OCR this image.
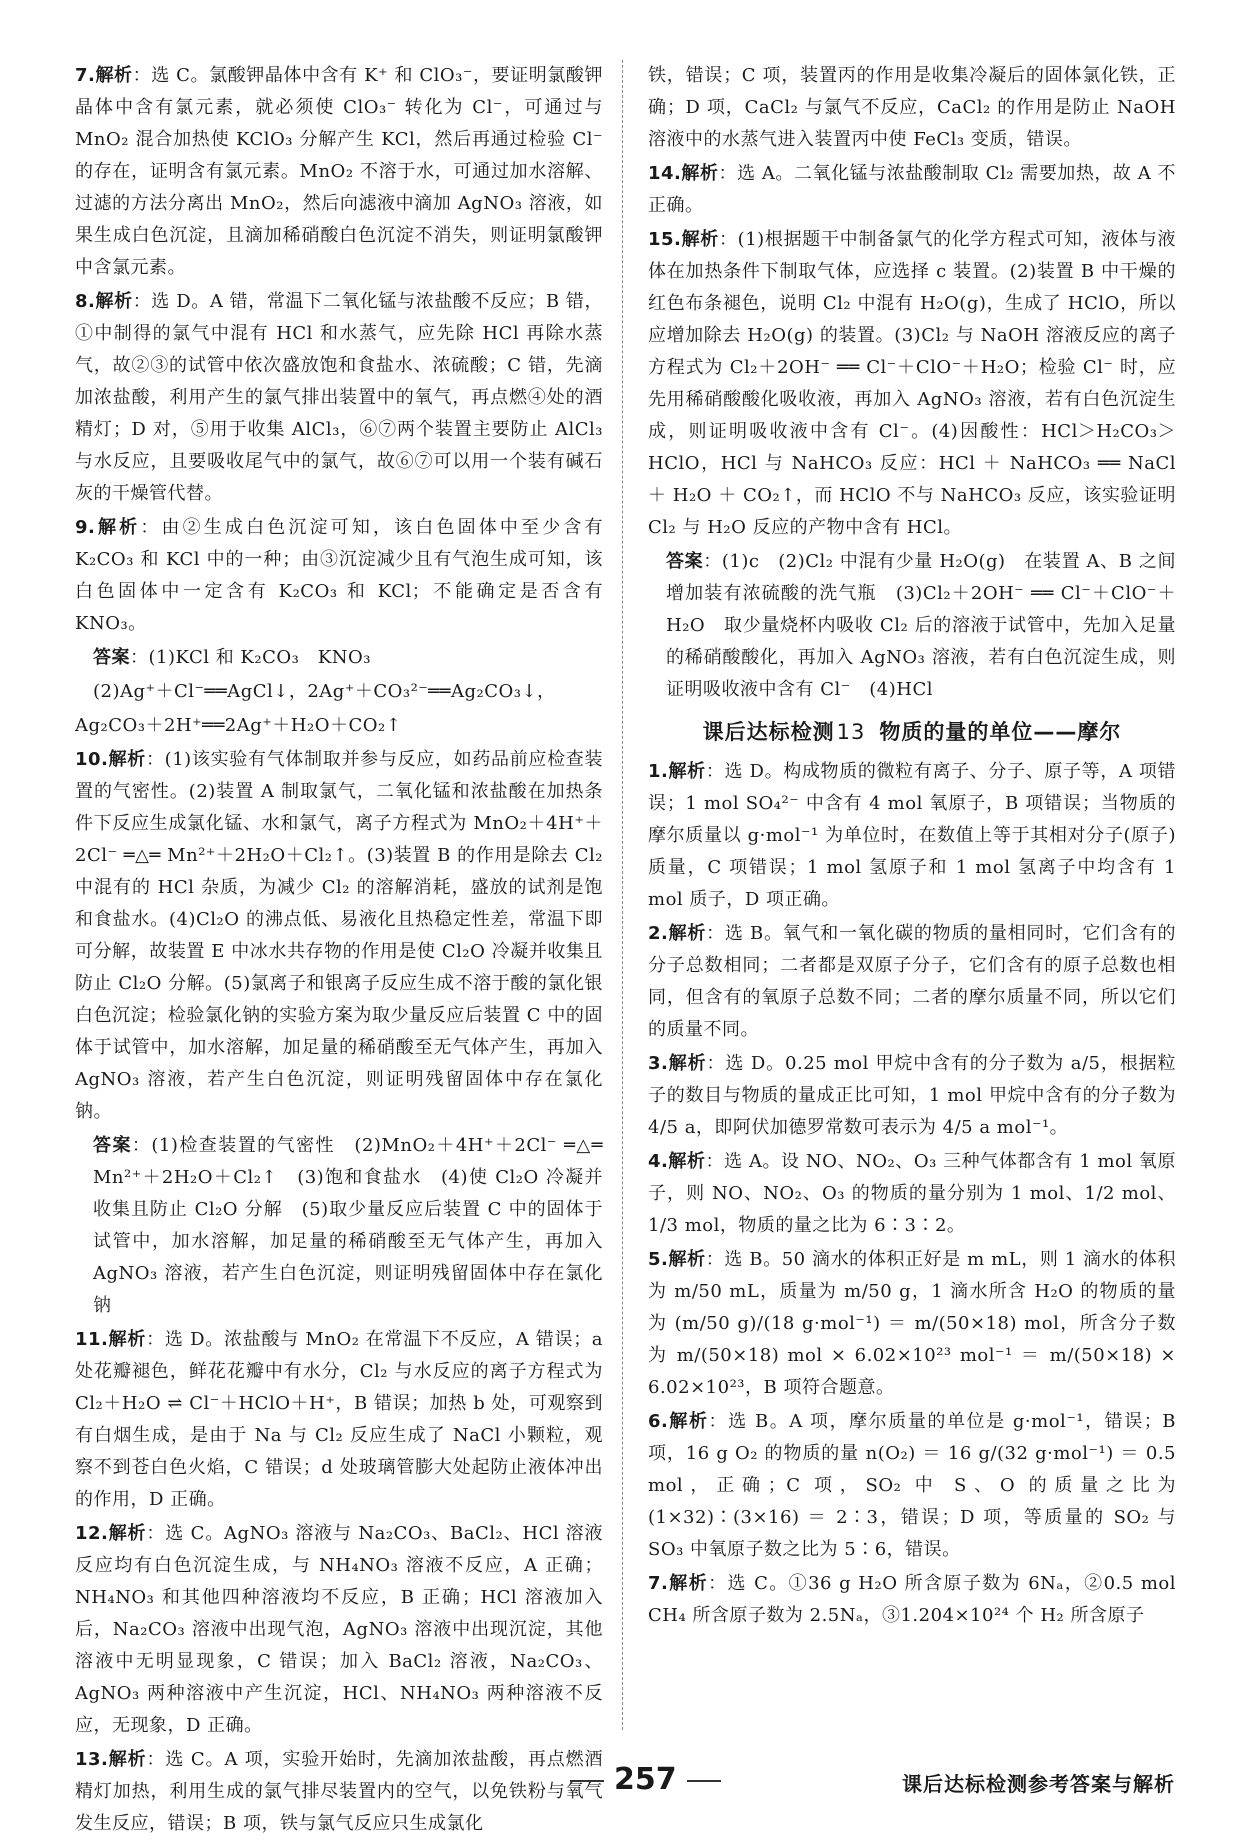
7.解析：选 C。氯酸钾晶体中含有 K⁺ 和 ClO₃⁻，要证明氯酸钾晶体中含有氯元素，就必须使 ClO₃⁻ 转化为 Cl⁻，可通过与 MnO₂ 混合加热使 KClO₃ 分解产生 KCl，然后再通过检验 Cl⁻ 的存在，证明含有氯元素。MnO₂ 不溶于水，可通过加水溶解、过滤的方法分离出 MnO₂，然后向滤液中滴加 AgNO₃ 溶液，如果生成白色沉淀，且滴加稀硝酸白色沉淀不消失，则证明氯酸钾中含氯元素。
8.解析：选 D。A 错，常温下二氧化锰与浓盐酸不反应；B 错，①中制得的氯气中混有 HCl 和水蒸气，应先除 HCl 再除水蒸气，故②③的试管中依次盛放饱和食盐水、浓硫酸；C 错，先滴加浓盐酸，利用产生的氯气排出装置中的氧气，再点燃④处的酒精灯；D 对，⑤用于收集 AlCl₃，⑥⑦两个装置主要防止 AlCl₃ 与水反应，且要吸收尾气中的氯气，故⑥⑦可以用一个装有碱石灰的干燥管代替。
9.解析：由②生成白色沉淀可知，该白色固体中至少含有 K₂CO₃ 和 KCl 中的一种；由③沉淀减少且有气泡生成可知，该白色固体中一定含有 K₂CO₃ 和 KCl；不能确定是否含有 KNO₃。
答案：(1)KCl 和 K₂CO₃　KNO₃
(2)Ag⁺＋Cl⁻══AgCl↓，2Ag⁺＋CO₃²⁻══Ag₂CO₃↓，
Ag₂CO₃＋2H⁺══2Ag⁺＋H₂O＋CO₂↑
10.解析：(1)该实验有气体制取并参与反应，如药品前应检查装置的气密性。(2)装置 A 制取氯气，二氧化锰和浓盐酸在加热条件下反应生成氯化锰、水和氯气，离子方程式为 MnO₂＋4H⁺＋2Cl⁻ ═△═ Mn²⁺＋2H₂O＋Cl₂↑。(3)装置 B 的作用是除去 Cl₂ 中混有的 HCl 杂质，为减少 Cl₂ 的溶解消耗，盛放的试剂是饱和食盐水。(4)Cl₂O 的沸点低、易液化且热稳定性差，常温下即可分解，故装置 E 中冰水共存物的作用是使 Cl₂O 冷凝并收集且防止 Cl₂O 分解。(5)氯离子和银离子反应生成不溶于酸的氯化银白色沉淀；检验氯化钠的实验方案为取少量反应后装置 C 中的固体于试管中，加水溶解，加足量的稀硝酸至无气体产生，再加入 AgNO₃ 溶液，若产生白色沉淀，则证明残留固体中存在氯化钠。
答案：(1)检查装置的气密性　(2)MnO₂＋4H⁺＋2Cl⁻ ═△═ Mn²⁺＋2H₂O＋Cl₂↑　(3)饱和食盐水　(4)使 Cl₂O 冷凝并收集且防止 Cl₂O 分解　(5)取少量反应后装置 C 中的固体于试管中，加水溶解，加足量的稀硝酸至无气体产生，再加入 AgNO₃ 溶液，若产生白色沉淀，则证明残留固体中存在氯化钠
11.解析：选 D。浓盐酸与 MnO₂ 在常温下不反应，A 错误；a 处花瓣褪色，鲜花花瓣中有水分，Cl₂ 与水反应的离子方程式为 Cl₂＋H₂O ⇌ Cl⁻＋HClO＋H⁺，B 错误；加热 b 处，可观察到有白烟生成，是由于 Na 与 Cl₂ 反应生成了 NaCl 小颗粒，观察不到苍白色火焰，C 错误；d 处玻璃管膨大处起防止液体冲出的作用，D 正确。
12.解析：选 C。AgNO₃ 溶液与 Na₂CO₃、BaCl₂、HCl 溶液反应均有白色沉淀生成，与 NH₄NO₃ 溶液不反应，A 正确；NH₄NO₃ 和其他四种溶液均不反应，B 正确；HCl 溶液加入后，Na₂CO₃ 溶液中出现气泡，AgNO₃ 溶液中出现沉淀，其他溶液中无明显现象，C 错误；加入 BaCl₂ 溶液，Na₂CO₃、AgNO₃ 两种溶液中产生沉淀，HCl、NH₄NO₃ 两种溶液不反应，无现象，D 正确。
13.解析：选 C。A 项，实验开始时，先滴加浓盐酸，再点燃酒精灯加热，利用生成的氯气排尽装置内的空气，以免铁粉与氧气发生反应，错误；B 项，铁与氯气反应只生成氯化
铁，错误；C 项，装置丙的作用是收集冷凝后的固体氯化铁，正确；D 项，CaCl₂ 与氯气不反应，CaCl₂ 的作用是防止 NaOH 溶液中的水蒸气进入装置丙中使 FeCl₃ 变质，错误。
14.解析：选 A。二氧化锰与浓盐酸制取 Cl₂ 需要加热，故 A 不正确。
15.解析：(1)根据题干中制备氯气的化学方程式可知，液体与液体在加热条件下制取气体，应选择 c 装置。(2)装置 B 中干燥的红色布条褪色，说明 Cl₂ 中混有 H₂O(g)，生成了 HClO，所以应增加除去 H₂O(g) 的装置。(3)Cl₂ 与 NaOH 溶液反应的离子方程式为 Cl₂＋2OH⁻ ══ Cl⁻＋ClO⁻＋H₂O；检验 Cl⁻ 时，应先用稀硝酸酸化吸收液，再加入 AgNO₃ 溶液，若有白色沉淀生成，则证明吸收液中含有 Cl⁻。(4)因酸性：HCl＞H₂CO₃＞HClO，HCl 与 NaHCO₃ 反应：HCl ＋ NaHCO₃ ══ NaCl ＋ H₂O ＋ CO₂↑，而 HClO 不与 NaHCO₃ 反应，该实验证明 Cl₂ 与 H₂O 反应的产物中含有 HCl。
答案：(1)c　(2)Cl₂ 中混有少量 H₂O(g)　在装置 A、B 之间增加装有浓硫酸的洗气瓶　(3)Cl₂＋2OH⁻ ══ Cl⁻＋ClO⁻＋H₂O　取少量烧杯内吸收 Cl₂ 后的溶液于试管中，先加入足量的稀硝酸酸化，再加入 AgNO₃ 溶液，若有白色沉淀生成，则证明吸收液中含有 Cl⁻　(4)HCl
课后达标检测13 物质的量的单位——摩尔
1.解析：选 D。构成物质的微粒有离子、分子、原子等，A 项错误；1 mol SO₄²⁻ 中含有 4 mol 氧原子，B 项错误；当物质的摩尔质量以 g·mol⁻¹ 为单位时，在数值上等于其相对分子(原子)质量，C 项错误；1 mol 氢原子和 1 mol 氢离子中均含有 1 mol 质子，D 项正确。
2.解析：选 B。氧气和一氧化碳的物质的量相同时，它们含有的分子总数相同；二者都是双原子分子，它们含有的原子总数也相同，但含有的氧原子总数不同；二者的摩尔质量不同，所以它们的质量不同。
3.解析：选 D。0.25 mol 甲烷中含有的分子数为 a/5，根据粒子的数目与物质的量成正比可知，1 mol 甲烷中含有的分子数为 4/5 a，即阿伏加德罗常数可表示为 4/5 a mol⁻¹。
4.解析：选 A。设 NO、NO₂、O₃ 三种气体都含有 1 mol 氧原子，则 NO、NO₂、O₃ 的物质的量分别为 1 mol、1/2 mol、1/3 mol，物质的量之比为 6∶3∶2。
5.解析：选 B。50 滴水的体积正好是 m mL，则 1 滴水的体积为 m/50 mL，质量为 m/50 g，1 滴水所含 H₂O 的物质的量为 (m/50 g)/(18 g·mol⁻¹) ＝ m/(50×18) mol，所含分子数为 m/(50×18) mol × 6.02×10²³ mol⁻¹ ＝ m/(50×18) × 6.02×10²³，B 项符合题意。
6.解析：选 B。A 项，摩尔质量的单位是 g·mol⁻¹，错误；B 项，16 g O₂ 的物质的量 n(O₂) ＝ 16 g/(32 g·mol⁻¹) ＝ 0.5 mol，正确；C 项，SO₂ 中 S、O 的质量之比为 (1×32)∶(3×16) ＝ 2∶3，错误；D 项，等质量的 SO₂ 与 SO₃ 中氧原子数之比为 5∶6，错误。
7.解析：选 C。①36 g H₂O 所含原子数为 6Nₐ，②0.5 mol CH₄ 所含原子数为 2.5Nₐ，③1.204×10²⁴ 个 H₂ 所含原子
257	课后达标检测参考答案与解析
